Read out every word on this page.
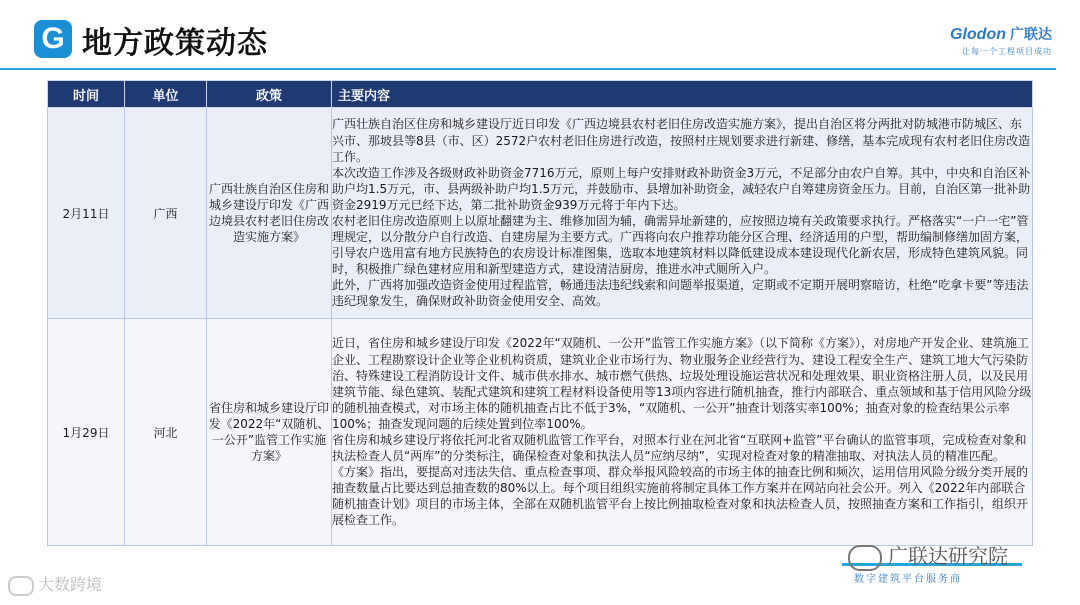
G 地方政策动态	Glodon 广联达
让每一个工程项目成功
时间	单位	政策	主要内容
2月11日	广西	广西壮族自治区住房和城乡建设厅印发《广西边境县农村老旧住房改造实施方案》	广西壮族自治区住房和城乡建设厅近日印发《广西边境县农村老旧住房改造实施方案》，提出自治区将分两批对防城港市防城区、东兴市、那坡县等8县（市、区）2572户农村老旧住房进行改造，按照村庄规划要求进行新建、修缮，基本完成现有农村老旧住房改造工作。
本次改造工作涉及各级财政补助资金7716万元，原则上每户安排财政补助资金3万元，不足部分由农户自筹。其中，中央和自治区补助户均1.5万元，市、县两级补助户均1.5万元，并鼓励市、县增加补助资金，减轻农户自筹建房资金压力。目前，自治区第一批补助资金2919万元已经下达，第二批补助资金939万元将于年内下达。
农村老旧住房改造原则上以原址翻建为主、维修加固为辅，确需异址新建的，应按照边境有关政策要求执行。严格落实“一户一宅”管理规定，以分散分户自行改造、自建房屋为主要方式。广西将向农户推荐功能分区合理、经济适用的户型，帮助编制修缮加固方案，引导农户选用富有地方民族特色的农房设计标准图集，选取本地建筑材料以降低建设成本建设现代化新农居，形成特色建筑风貌。同时，积极推广绿色建材应用和新型建造方式，建设清洁厨房，推进水冲式厕所入户。
此外，广西将加强改造资金使用过程监管，畅通违法违纪线索和问题举报渠道，定期或不定期开展明察暗访，杜绝“吃拿卡要”等违法违纪现象发生，确保财政补助资金使用安全、高效。

1月29日	河北	省住房和城乡建设厅印发《2022年“双随机、一公开”监管工作实施方案》	近日，省住房和城乡建设厅印发《2022年“双随机、一公开”监管工作实施方案》（以下简称《方案》），对房地产开发企业、建筑施工企业、工程勘察设计企业等企业机构资质，建筑业企业市场行为、物业服务企业经营行为、建设工程安全生产、建筑工地大气污染防治、特殊建设工程消防设计文件、城市供水排水、城市燃气供热、垃圾处理设施运营状况和处理效果、职业资格注册人员，以及民用建筑节能、绿色建筑、装配式建筑和建筑工程材料设备使用等13项内容进行随机抽查，推行内部联合、重点领域和基于信用风险分级的随机抽查模式，对市场主体的随机抽查占比不低于3%，“双随机、一公开”抽查计划落实率100%；抽查对象的检查结果公示率100%；抽查发现问题的后续处置到位率100%。
省住房和城乡建设厅将依托河北省双随机监管工作平台，对照本行业在河北省“互联网+监管”平台确认的监管事项，完成检查对象和执法检查人员“两库”的分类标注，确保检查对象和执法人员“应纳尽纳”，实现对检查对象的精准抽取、对执法人员的精准匹配。
《方案》指出，要提高对违法失信、重点检查事项、群众举报风险较高的市场主体的抽查比例和频次，运用信用风险分级分类开展的抽查数量占比要达到总抽查数的80%以上。每个项目组织实施前将制定具体工作方案并在网站向社会公开。列入《2022年内部联合随机抽查计划》项目的市场主体，全部在双随机监管平台上按比例抽取检查对象和执法检查人员，按照抽查方案和工作指引，组织开展检查工作。
大数跨境
广联达研究院
数字建筑平台服务商
